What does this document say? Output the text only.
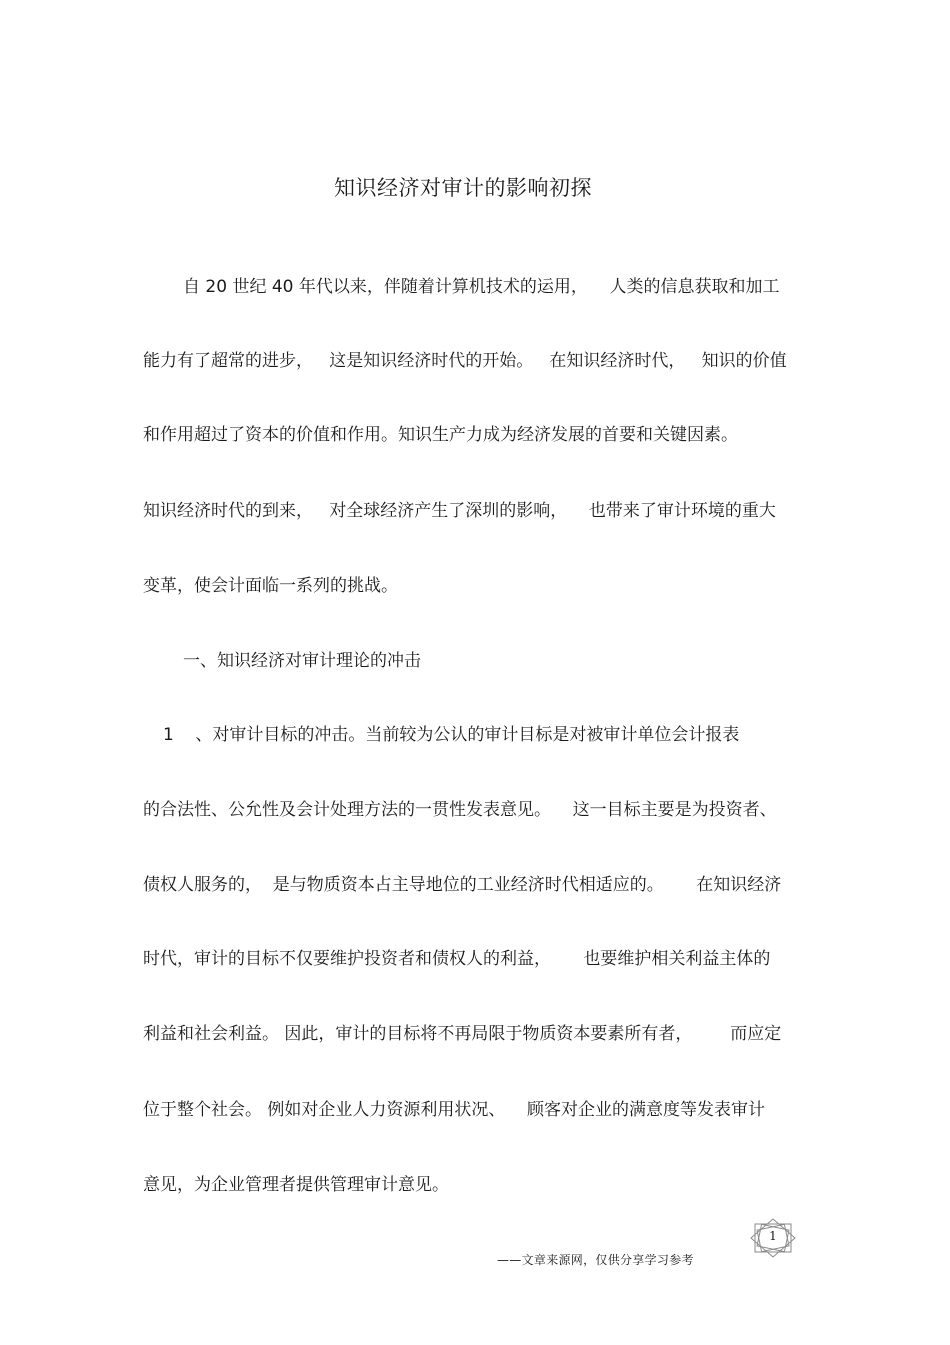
知识经济对审计的影响初探
自 20 世纪 40 年代以来，伴随着计算机技术的运用，    人类的信息获取和加工
能力有了超常的进步，   这是知识经济时代的开始。   在知识经济时代，   知识的价值
和作用超过了资本的价值和作用。知识生产力成为经济发展的首要和关键因素。
知识经济时代的到来，   对全球经济产生了深圳的影响，    也带来了审计环境的重大
变革，使会计面临一系列的挑战。
一、知识经济对审计理论的冲击
1    、对审计目标的冲击。当前较为公认的审计目标是对被审计单位会计报表
的合法性、公允性及会计处理方法的一贯性发表意见。    这一目标主要是为投资者、
债权人服务的，  是与物质资本占主导地位的工业经济时代相适应的。      在知识经济
时代，审计的目标不仅要维护投资者和债权人的利益，      也要维护相关利益主体的
利益和社会利益。 因此，审计的目标将不再局限于物质资本要素所有者，       而应定
位于整个社会。 例如对企业人力资源利用状况、    顾客对企业的满意度等发表审计
意见，为企业管理者提供管理审计意见。
——文章来源网，仅供分享学习参考
1
